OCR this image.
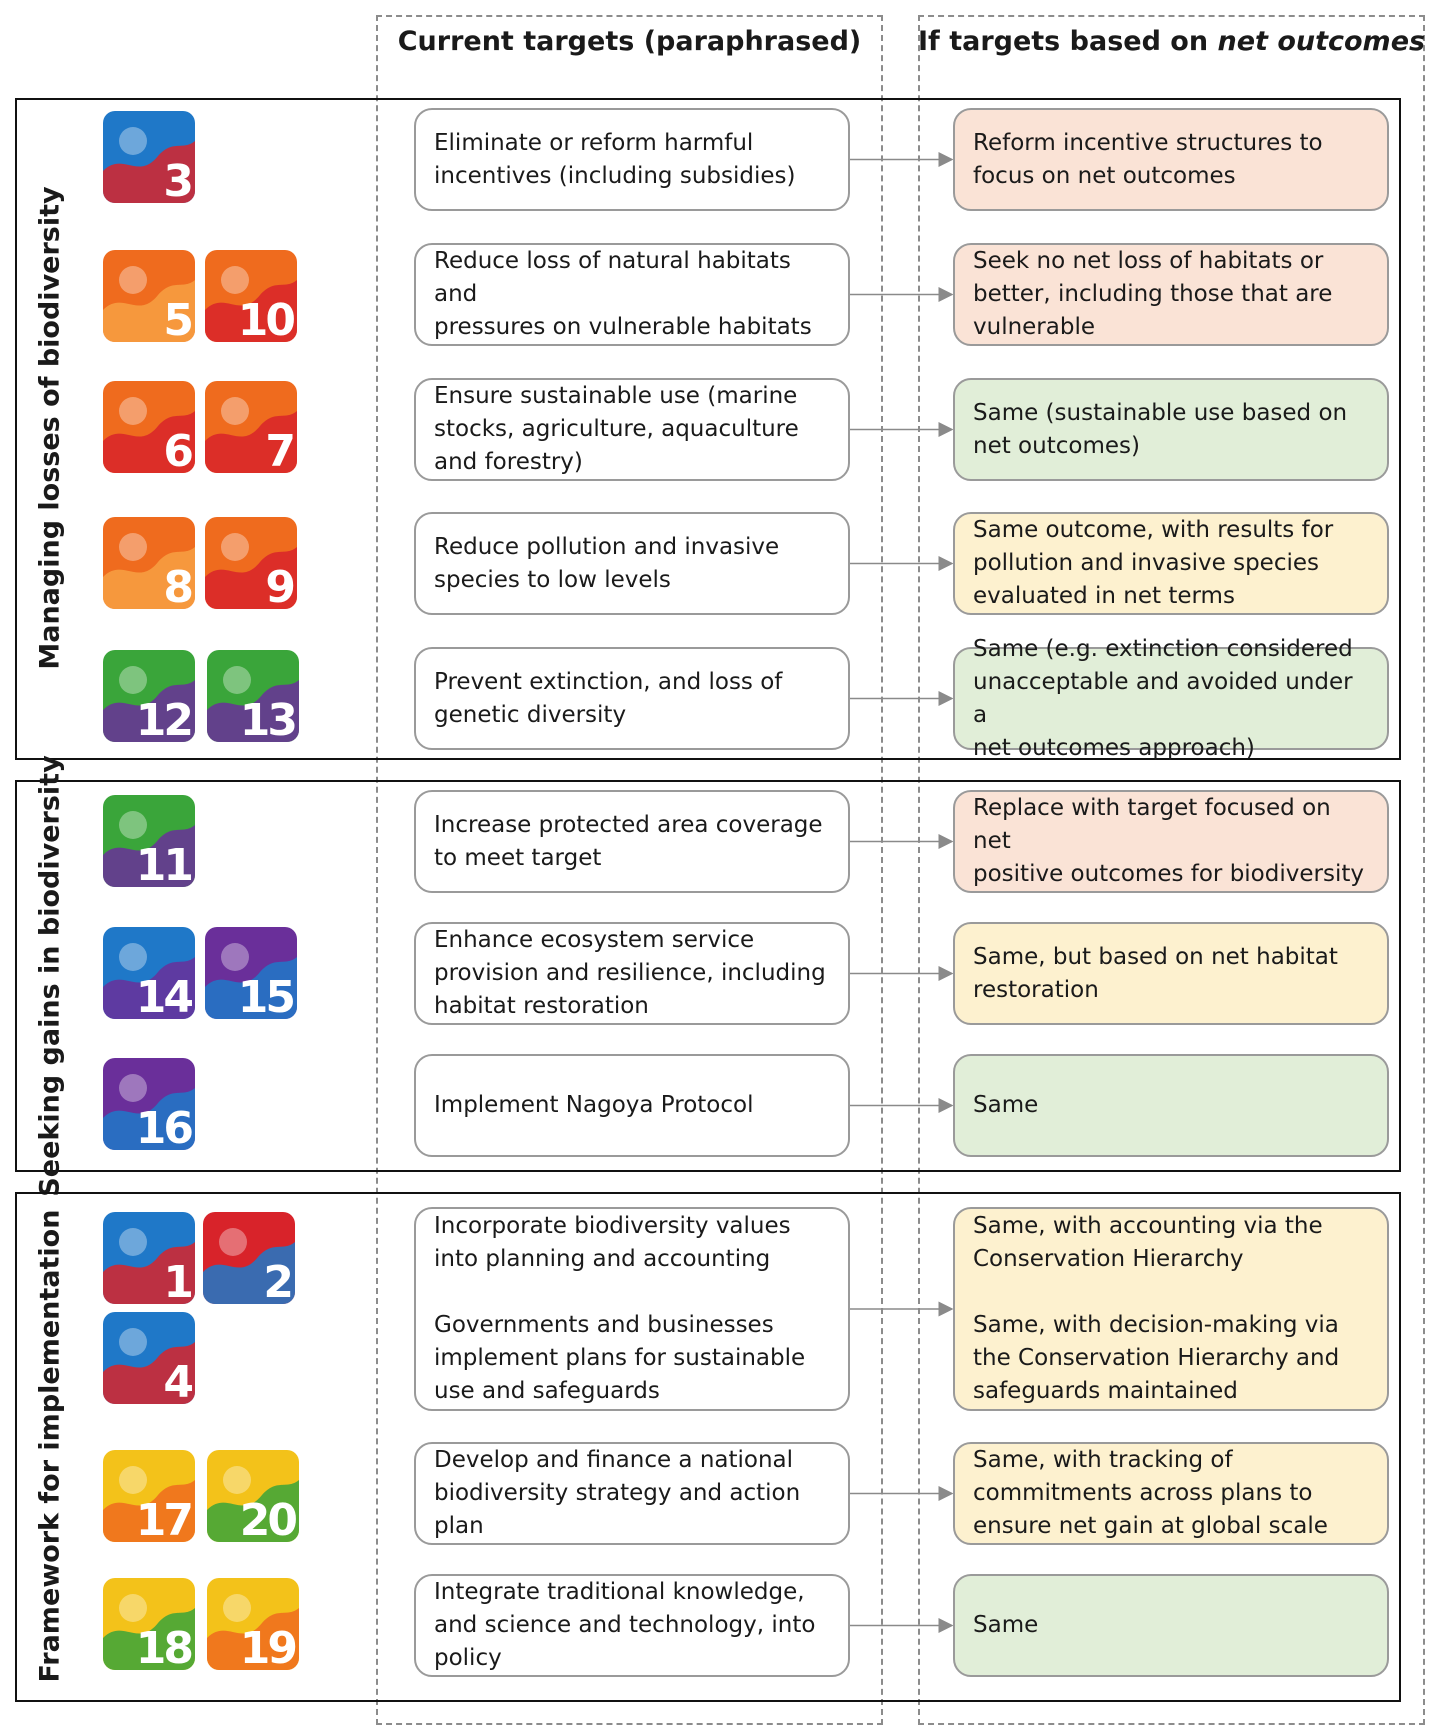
Current targets (paraphrased)	If targets based on net outcomes
Managing losses of biodiversity
Seeking gains in biodiversity
Framework for implementation
Eliminate or reform harmful
incentives (including subsidies)
Reform incentive structures to
focus on net outcomes
3
Reduce loss of natural habitats and
pressures on vulnerable habitats
Seek no net loss of habitats or
better, including those that are
vulnerable
5 10
Ensure sustainable use (marine
stocks, agriculture, aquaculture
and forestry)
Same (sustainable use based on
net outcomes)
6 7
Reduce pollution and invasive
species to low levels
Same outcome, with results for
pollution and invasive species
evaluated in net terms
8 9
Prevent extinction, and loss of
genetic diversity
Same (e.g. extinction considered
unacceptable and avoided under a
net outcomes approach)
12 13
Increase protected area coverage
to meet target
Replace with target focused on net
positive outcomes for biodiversity
11
Enhance ecosystem service
provision and resilience, including
habitat restoration
Same, but based on net habitat
restoration
14 15
Implement Nagoya Protocol	Same
16
Incorporate biodiversity values
into planning and accounting
Governments and businesses
implement plans for sustainable
use and safeguards
Same, with accounting via the
Conservation Hierarchy
Same, with decision-making via
the Conservation Hierarchy and
safeguards maintained
1 2
4
Develop and finance a national
biodiversity strategy and action
plan
Same, with tracking of
commitments across plans to
ensure net gain at global scale
17 20
Integrate traditional knowledge,
and science and technology, into
policy
Same
18 19
